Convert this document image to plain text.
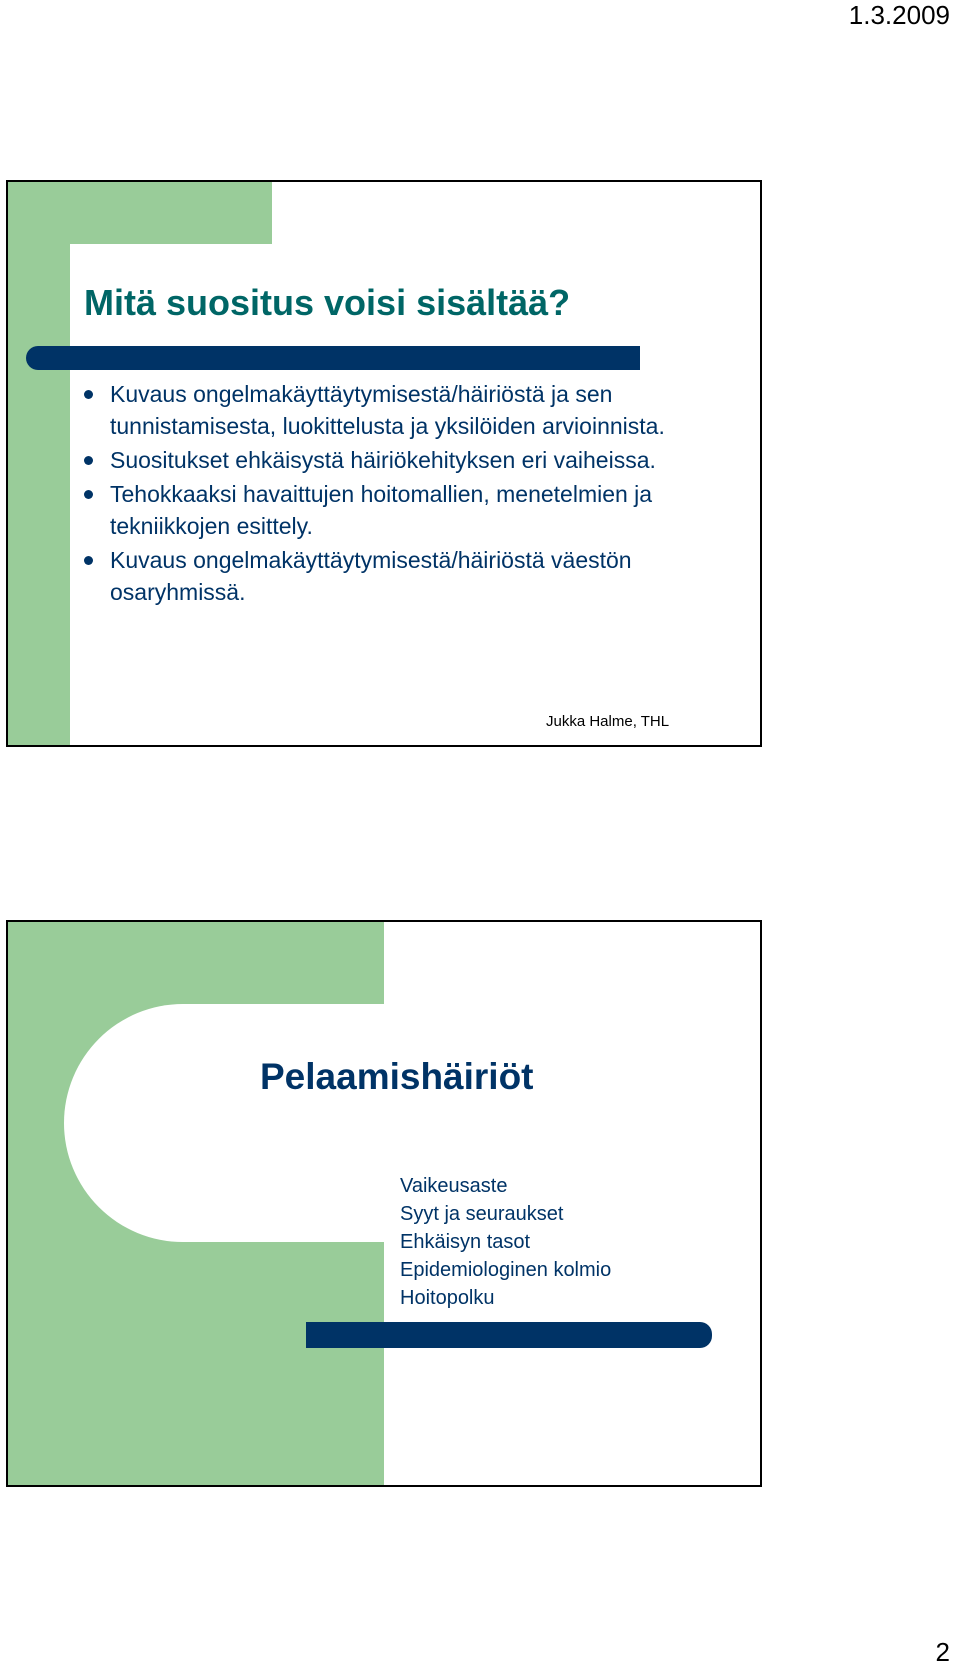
1.3.2009
Mitä suositus voisi sisältää?
Kuvaus ongelmakäyttäytymisestä/häiriöstä ja sen tunnistamisesta, luokittelusta ja yksilöiden arvioinnista.
Suositukset ehkäisystä häiriökehityksen eri vaiheissa.
Tehokkaaksi havaittujen hoitomallien, menetelmien ja tekniikkojen esittely.
Kuvaus ongelmakäyttäytymisestä/häiriöstä väestön osaryhmissä.
Jukka Halme, THL
Pelaamishäiriöt
Vaikeusaste
Syyt ja seuraukset
Ehkäisyn tasot
Epidemiologinen kolmio
Hoitopolku
2
